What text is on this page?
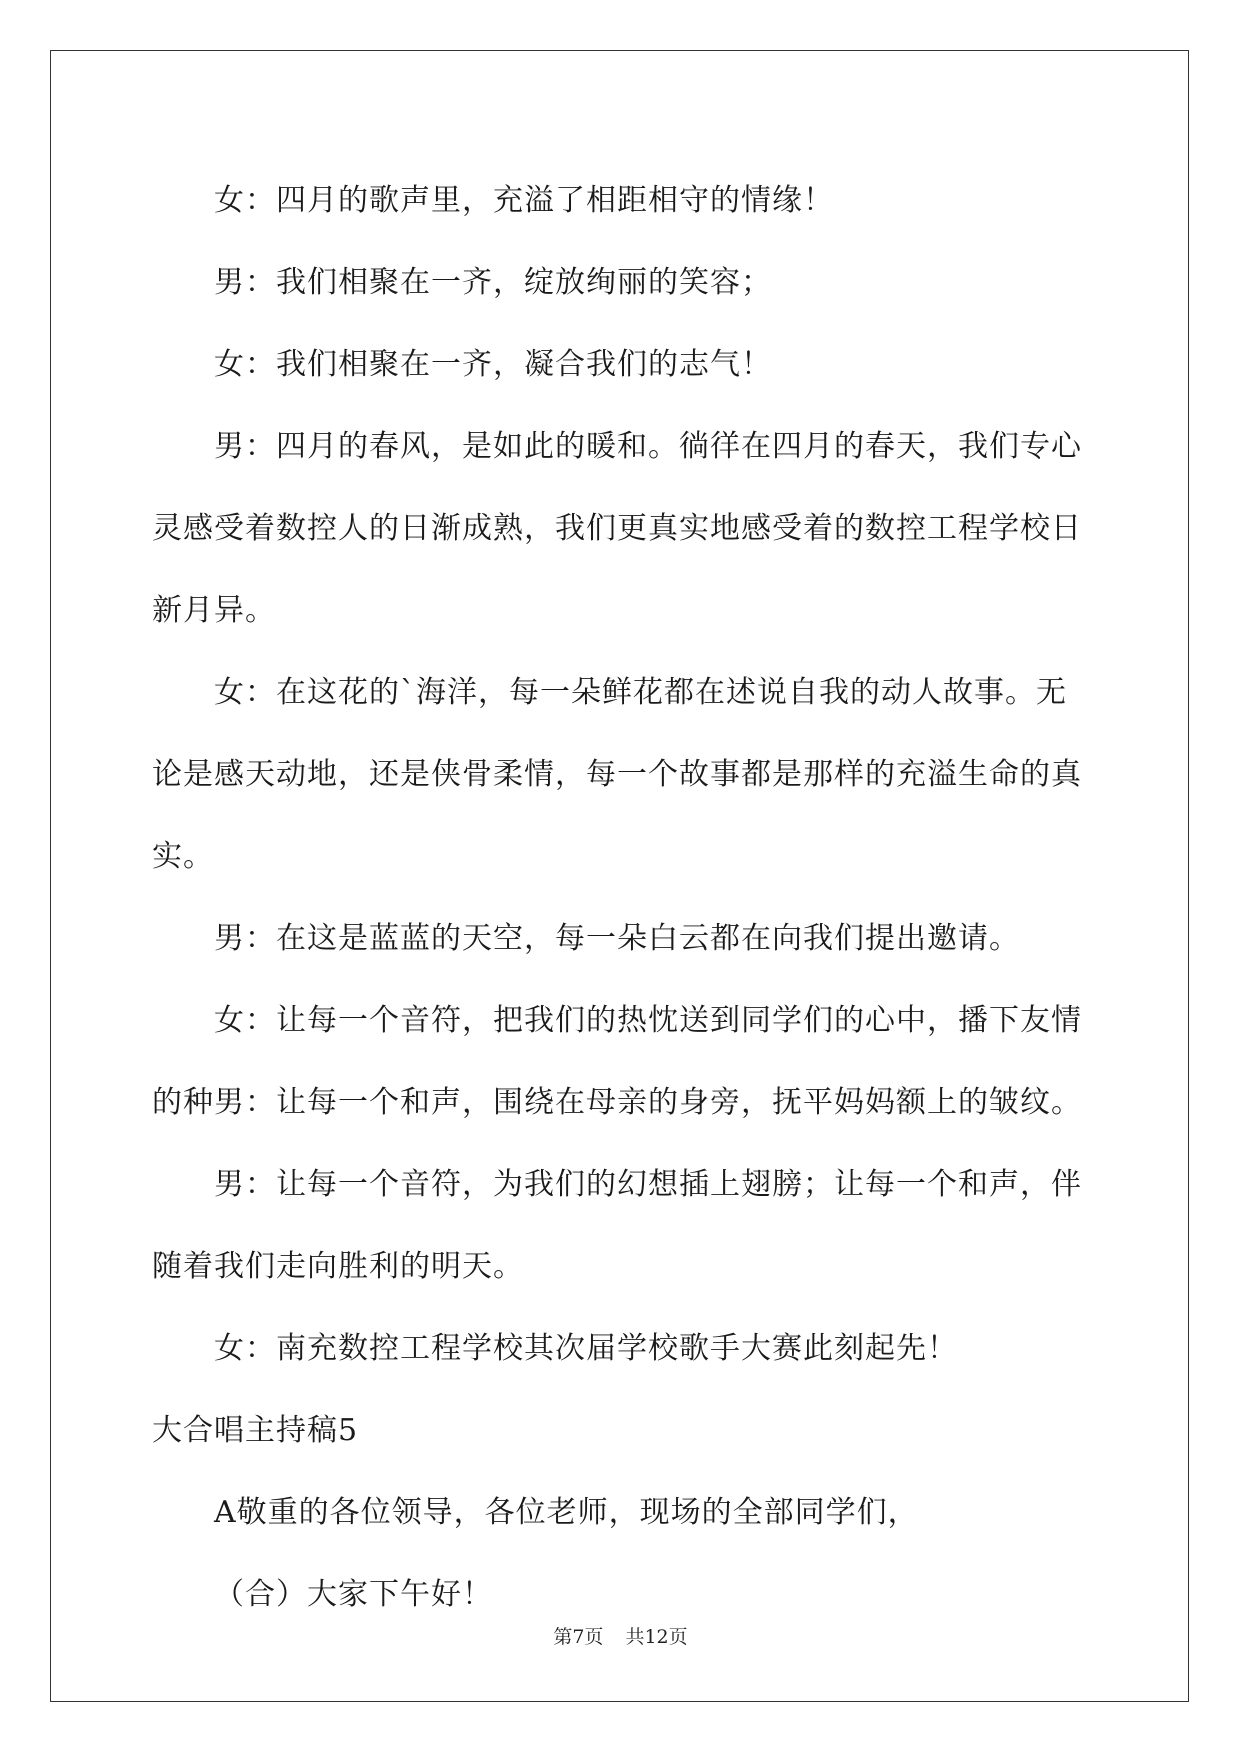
女：四月的歌声里，充溢了相距相守的情缘！

男：我们相聚在一齐，绽放绚丽的笑容；

女：我们相聚在一齐，凝合我们的志气！

男：四月的春风，是如此的暖和。徜徉在四月的春天，我们专心灵感受着数控人的日渐成熟，我们更真实地感受着的数控工程学校日新月异。

女：在这花的`海洋，每一朵鲜花都在述说自我的动人故事。无论是感天动地，还是侠骨柔情，每一个故事都是那样的充溢生命的真实。

男：在这是蓝蓝的天空，每一朵白云都在向我们提出邀请。

女：让每一个音符，把我们的热忱送到同学们的心中，播下友情的种男：让每一个和声，围绕在母亲的身旁，抚平妈妈额上的皱纹。

男：让每一个音符，为我们的幻想插上翅膀；让每一个和声，伴随着我们走向胜利的明天。

女：南充数控工程学校其次届学校歌手大赛此刻起先！

大合唱主持稿5

A敬重的各位领导，各位老师，现场的全部同学们，

（合）大家下午好！

第7页 共12页
